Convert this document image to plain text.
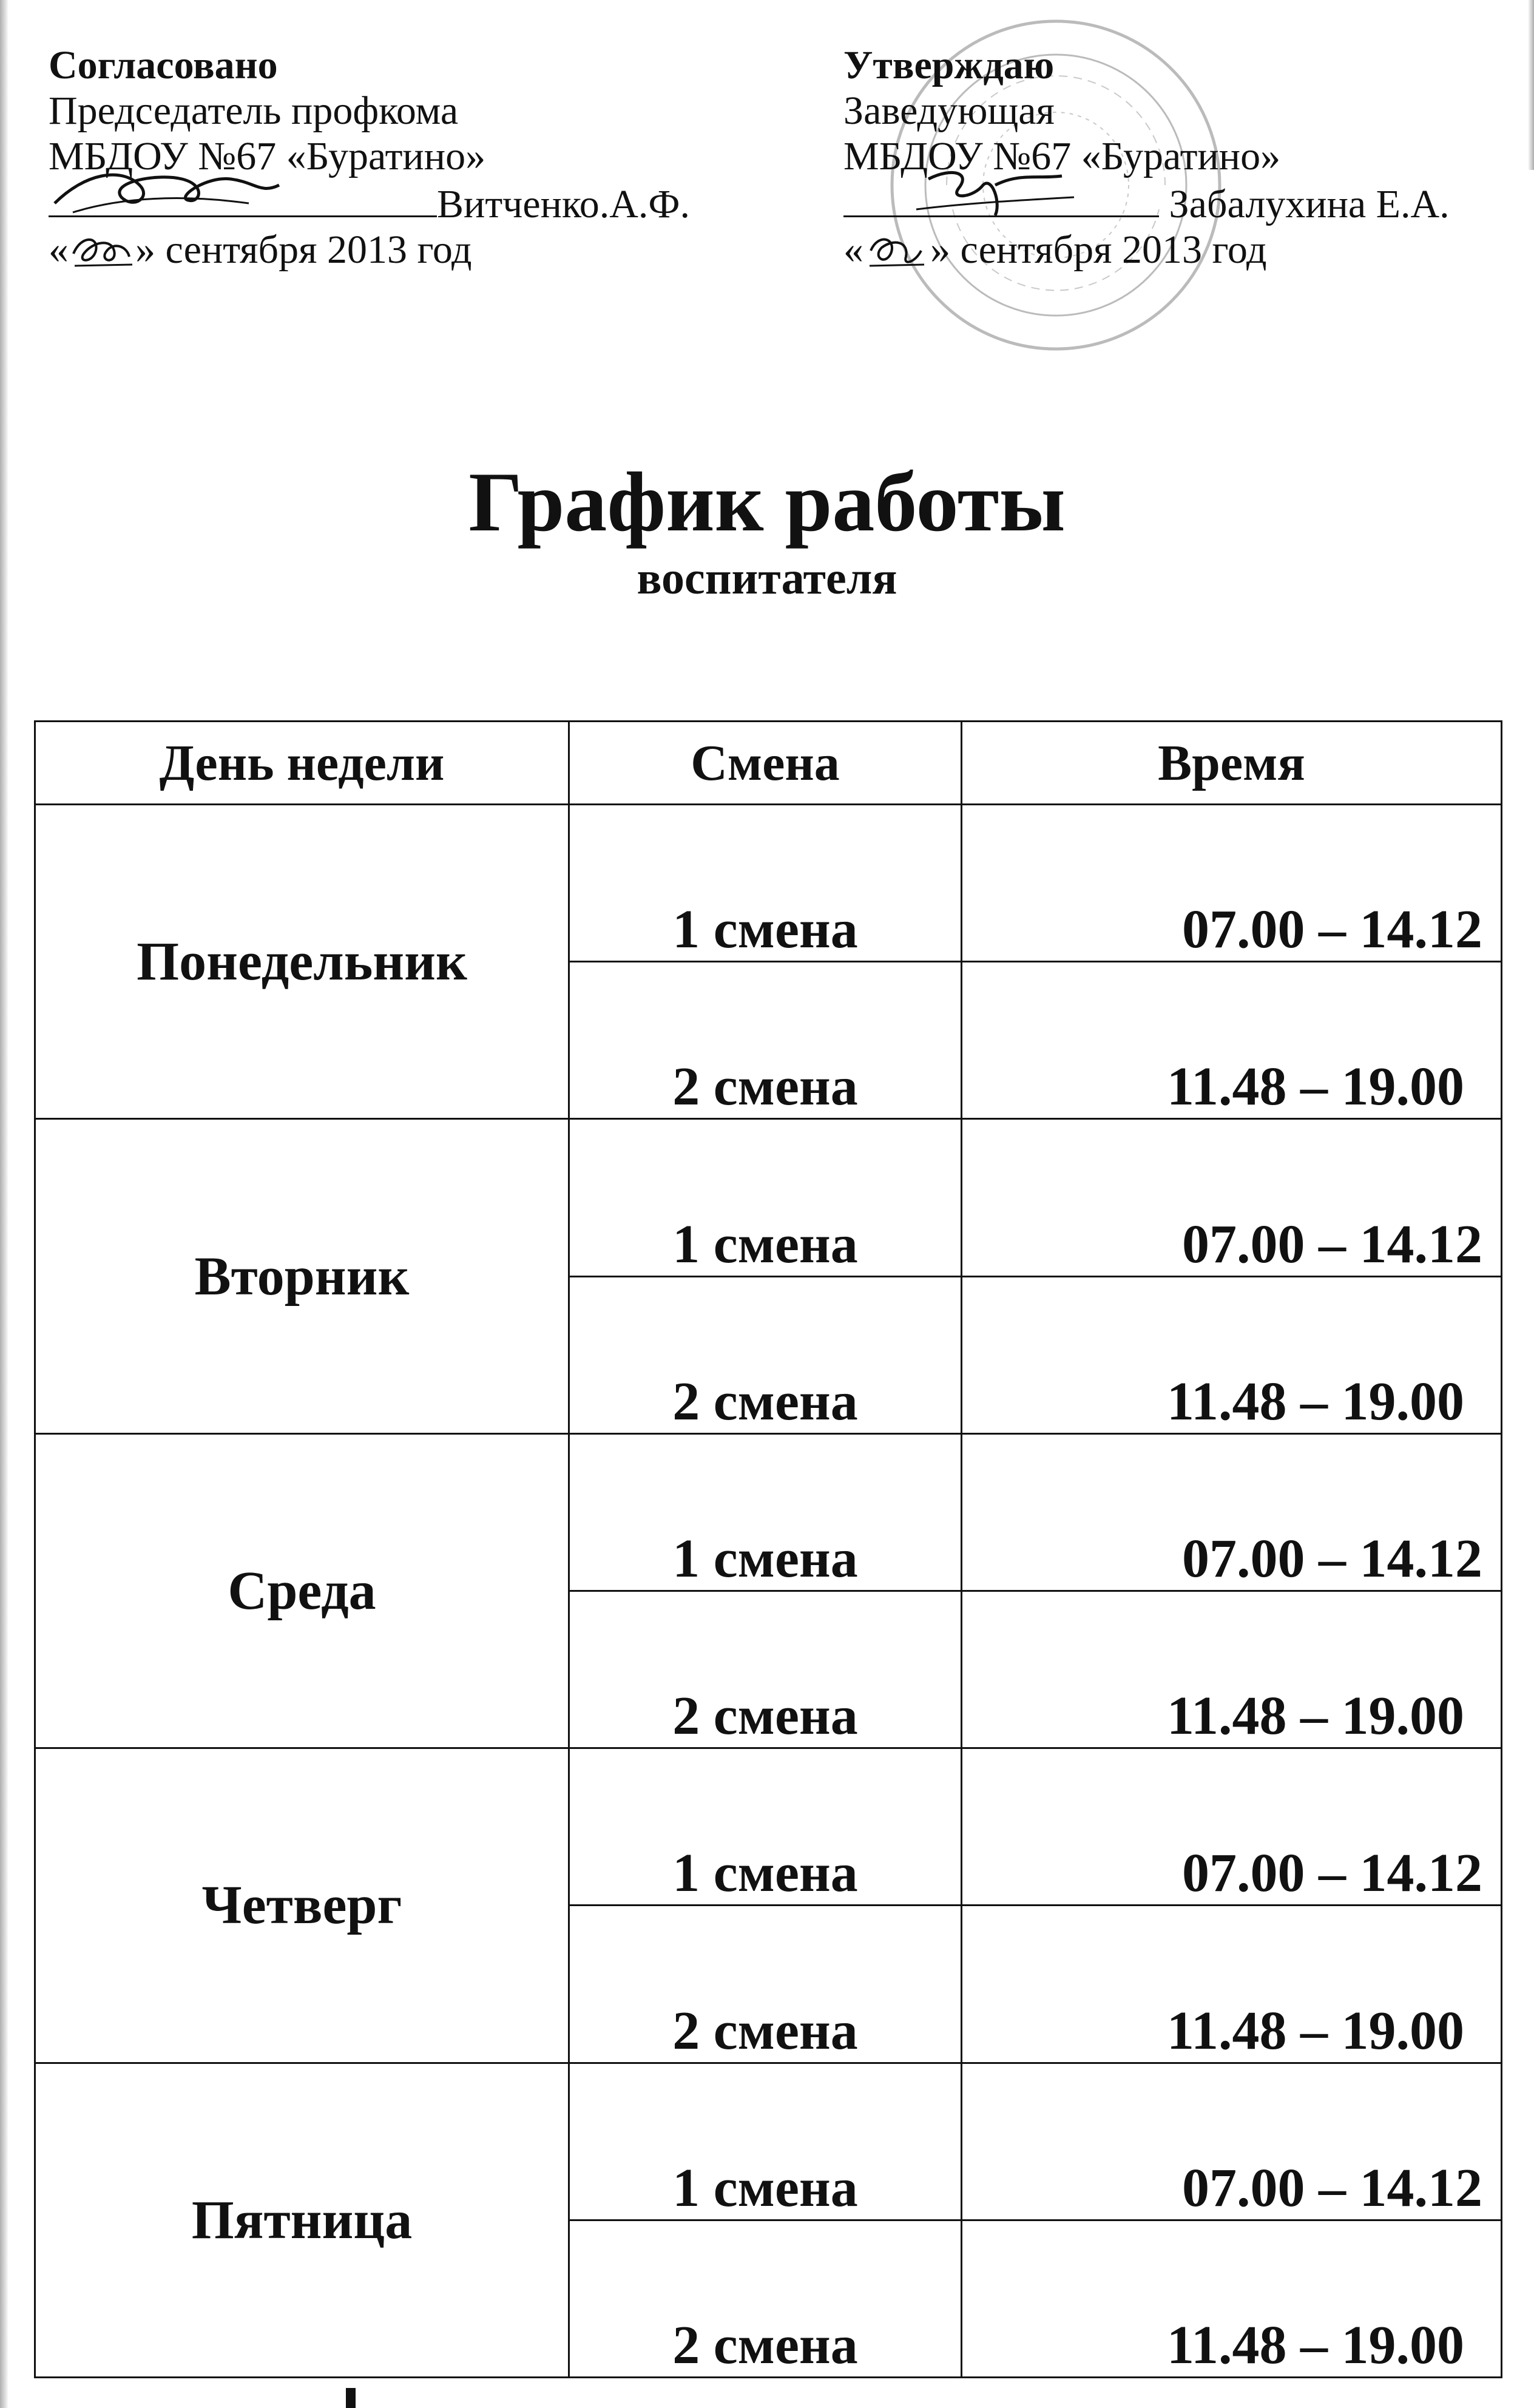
Согласовано
Председатель профкома
МБДОУ №67 «Буратино»
Витченко.А.Ф.
« » сентября 2013 год
Утверждаю
Заведующая
МБДОУ №67 «Буратино»
Забалухина Е.А.
« » сентября 2013 год
График работы
воспитателя
День недели	Смена	Время
Понедельник	1 смена	07.00 – 14.12
	2 смена	11.48 – 19.00
Вторник	1 смена	07.00 – 14.12
	2 смена	11.48 – 19.00
Среда	1 смена	07.00 – 14.12
	2 смена	11.48 – 19.00
Четверг	1 смена	07.00 – 14.12
	2 смена	11.48 – 19.00
Пятница	1 смена	07.00 – 14.12
	2 смена	11.48 – 19.00
